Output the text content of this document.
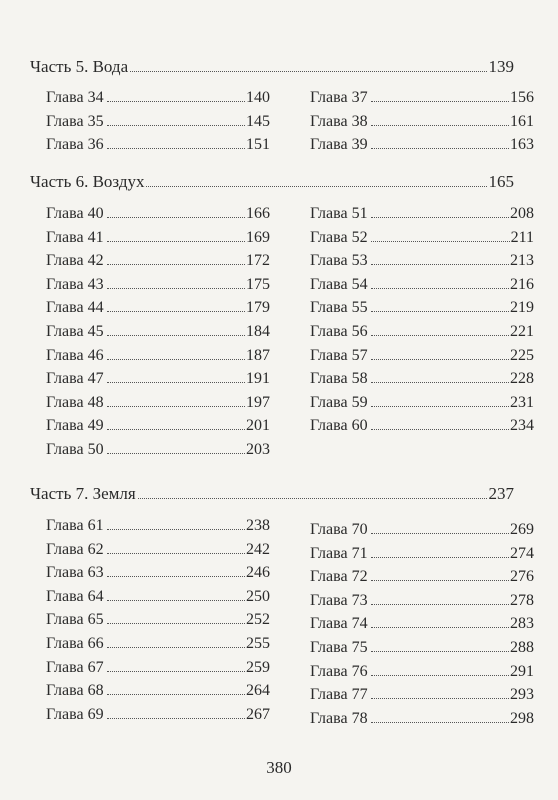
Часть 5. Вода	139
Глава 34	140
Глава 35	145
Глава 36	151
Глава 37	156
Глава 38	161
Глава 39	163
Часть 6. Воздух	165
Глава 40	166
Глава 41	169
Глава 42	172
Глава 43	175
Глава 44	179
Глава 45	184
Глава 46	187
Глава 47	191
Глава 48	197
Глава 49	201
Глава 50	203
Глава 51	208
Глава 52	211
Глава 53	213
Глава 54	216
Глава 55	219
Глава 56	221
Глава 57	225
Глава 58	228
Глава 59	231
Глава 60	234
Часть 7. Земля	237
Глава 61	238
Глава 62	242
Глава 63	246
Глава 64	250
Глава 65	252
Глава 66	255
Глава 67	259
Глава 68	264
Глава 69	267
Глава 70	269
Глава 71	274
Глава 72	276
Глава 73	278
Глава 74	283
Глава 75	288
Глава 76	291
Глава 77	293
Глава 78	298
380
